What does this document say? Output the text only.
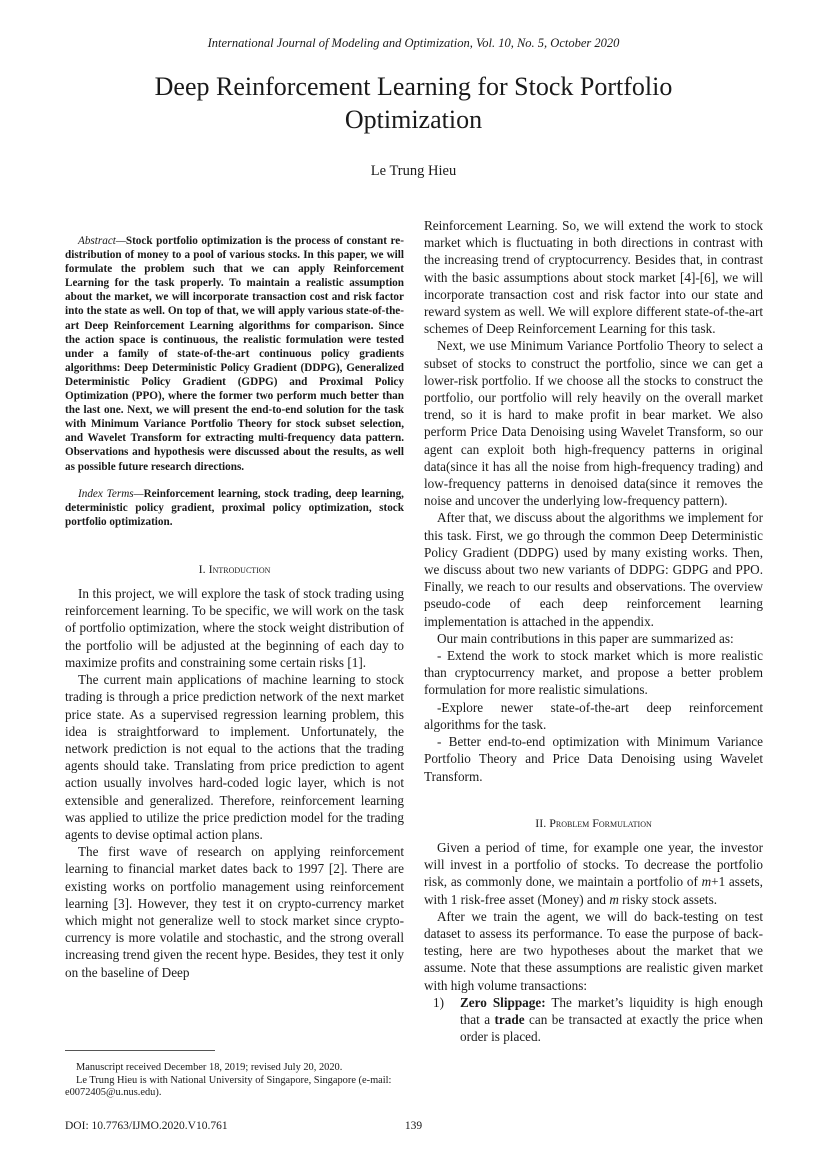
International Journal of Modeling and Optimization, Vol. 10, No. 5, October 2020
Deep Reinforcement Learning for Stock Portfolio
Optimization
Le Trung Hieu

Abstract—Stock portfolio optimization is the process of constant re-distribution of money to a pool of various stocks. In this paper, we will formulate the problem such that we can apply Reinforcement Learning for the task properly. To maintain a realistic assumption about the market, we will incorporate transaction cost and risk factor into the state as well. On top of that, we will apply various state-of-the-art Deep Reinforcement Learning algorithms for comparison. Since the action space is continuous, the realistic formulation were tested under a family of state-of-the-art continuous policy gradients algorithms: Deep Deterministic Policy Gradient (DDPG), Generalized Deterministic Policy Gradient (GDPG) and Proximal Policy Optimization (PPO), where the former two perform much better than the last one. Next, we will present the end-to-end solution for the task with Minimum Variance Portfolio Theory for stock subset selection, and Wavelet Transform for extracting multi-frequency data pattern. Observations and hypothesis were discussed about the results, as well as possible future research directions.

Index Terms—Reinforcement learning, stock trading, deep learning, deterministic policy gradient, proximal policy optimization, stock portfolio optimization.

I. Introduction

In this project, we will explore the task of stock trading using reinforcement learning. To be specific, we will work on the task of portfolio optimization, where the stock weight distribution of the portfolio will be adjusted at the beginning of each day to maximize profits and constraining some certain risks [1].

The current main applications of machine learning to stock trading is through a price prediction network of the next market price state. As a supervised regression learning problem, this idea is straightforward to implement. Unfortunately, the network prediction is not equal to the actions that the trading agents should take. Translating from price prediction to agent action usually involves hard-coded logic layer, which is not extensible and generalized. Therefore, reinforcement learning was applied to utilize the price prediction model for the trading agents to devise optimal action plans.

The first wave of research on applying reinforcement learning to financial market dates back to 1997 [2]. There are existing works on portfolio management using reinforcement learning [3]. However, they test it on crypto-currency market which might not generalize well to stock market since crypto-currency is more volatile and stochastic, and the strong overall increasing trend given the recent hype. Besides, they test it only on the baseline of Deep

Reinforcement Learning. So, we will extend the work to stock market which is fluctuating in both directions in contrast with the increasing trend of cryptocurrency. Besides that, in contrast with the basic assumptions about stock market [4]-[6], we will incorporate transaction cost and risk factor into our state and reward system as well. We will explore different state-of-the-art schemes of Deep Reinforcement Learning for this task.

Next, we use Minimum Variance Portfolio Theory to select a subset of stocks to construct the portfolio, since we can get a lower-risk portfolio. If we choose all the stocks to construct the portfolio, our portfolio will rely heavily on the overall market trend, so it is hard to make profit in bear market. We also perform Price Data Denoising using Wavelet Transform, so our agent can exploit both high-frequency patterns in original data(since it has all the noise from high-frequency trading) and low-frequency patterns in denoised data(since it removes the noise and uncover the underlying low-frequency pattern).

After that, we discuss about the algorithms we implement for this task. First, we go through the common Deep Deterministic Policy Gradient (DDPG) used by many existing works. Then, we discuss about two new variants of DDPG: GDPG and PPO. Finally, we reach to our results and observations. The overview pseudo-code of each deep reinforcement learning implementation is attached in the appendix.

Our main contributions in this paper are summarized as:

- Extend the work to stock market which is more realistic than cryptocurrency market, and propose a better problem formulation for more realistic simulations.

-Explore newer state-of-the-art deep reinforcement algorithms for the task.

- Better end-to-end optimization with Minimum Variance Portfolio Theory and Price Data Denoising using Wavelet Transform.

II. Problem Formulation

Given a period of time, for example one year, the investor will invest in a portfolio of stocks. To decrease the portfolio risk, as commonly done, we maintain a portfolio of m+1 assets, with 1 risk-free asset (Money) and m risky stock assets.

After we train the agent, we will do back-testing on test dataset to assess its performance. To ease the purpose of back-testing, here are two hypotheses about the market that we assume. Note that these assumptions are realistic given market with high volume transactions:

1)	Zero Slippage: The market’s liquidity is high enough that a trade can be transacted at exactly the price when order is placed.

Manuscript received December 18, 2019; revised July 20, 2020.

Le Trung Hieu is with National University of Singapore, Singapore (e-mail: e0072405@u.nus.edu).

DOI: 10.7763/IJMO.2020.V10.761	139
